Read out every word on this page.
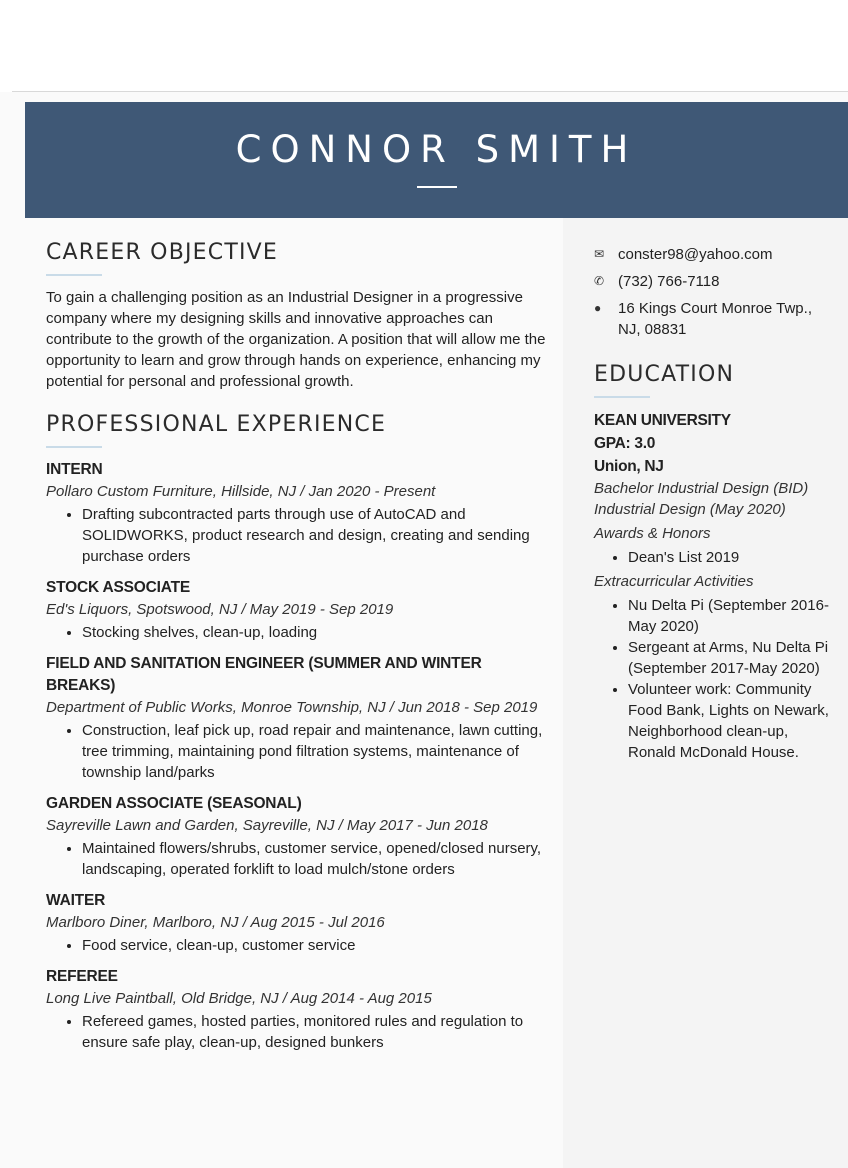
CONNOR SMITH
CAREER OBJECTIVE

To gain a challenging position as an Industrial Designer in a progressive company where my designing skills and innovative approaches can contribute to the growth of the organization. A position that will allow me the opportunity to learn and grow through hands on experience, enhancing my potential for personal and professional growth.

PROFESSIONAL EXPERIENCE
INTERN
Pollaro Custom Furniture, Hillside, NJ / Jan 2020 - Present
• Drafting subcontracted parts through use of AutoCAD and SOLIDWORKS, product research and design, creating and sending purchase orders
STOCK ASSOCIATE
Ed's Liquors, Spotswood, NJ / May 2019 - Sep 2019
• Stocking shelves, clean-up, loading
FIELD AND SANITATION ENGINEER (SUMMER AND WINTER BREAKS)
Department of Public Works, Monroe Township, NJ / Jun 2018 - Sep 2019
• Construction, leaf pick up, road repair and maintenance, lawn cutting, tree trimming, maintaining pond filtration systems, maintenance of township land/parks
GARDEN ASSOCIATE (SEASONAL)
Sayreville Lawn and Garden, Sayreville, NJ / May 2017 - Jun 2018
• Maintained flowers/shrubs, customer service, opened/closed nursery, landscaping, operated forklift to load mulch/stone orders
WAITER
Marlboro Diner, Marlboro, NJ / Aug 2015 - Jul 2016
• Food service, clean-up, customer service
REFEREE
Long Live Paintball, Old Bridge, NJ / Aug 2014 - Aug 2015
• Refereed games, hosted parties, monitored rules and regulation to ensure safe play, clean-up, designed bunkers
✉ conster98@yahoo.com
✆ (732) 766-7118
●	16 Kings Court Monroe Twp., NJ, 08831
EDUCATION
KEAN UNIVERSITY
GPA: 3.0
Union, NJ
Bachelor Industrial Design (BID)
Industrial Design (May 2020)
Awards & Honors
• Dean's List 2019
Extracurricular Activities
• Nu Delta Pi (September 2016-May 2020)
• Sergeant at Arms, Nu Delta Pi (September 2017-May 2020)
• Volunteer work: Community Food Bank, Lights on Newark, Neighborhood clean-up, Ronald McDonald House.
